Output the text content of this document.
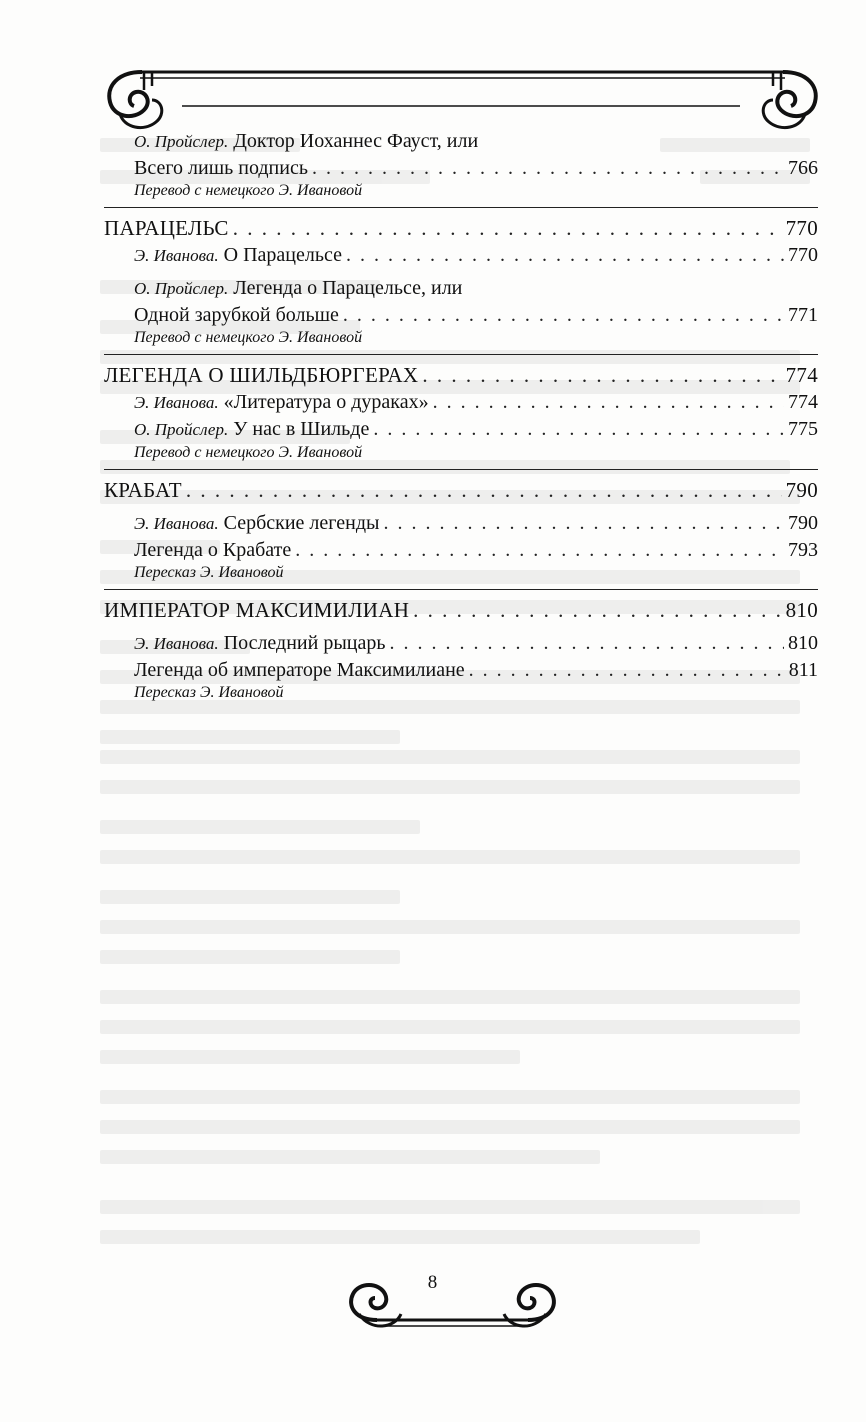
О. Пройслер. Доктор Иоханнес Фауст, или
Всего лишь подпись . . .	766
Перевод с немецкого Э. Ивановой
ПАРАЦЕЛЬС . . .	770
Э. Иванова. О Парацельсе . . .	770
О. Пройслер. Легенда о Парацельсе, или
Одной зарубкой больше . . .	771
Перевод с немецкого Э. Ивановой
ЛЕГЕНДА О ШИЛЬДБЮРГЕРАХ . . .	774
Э. Иванова. «Литература о дураках» . . .	774
О. Пройслер. У нас в Шильде . . .	775
Перевод с немецкого Э. Ивановой
КРАБАТ . . .	790
Э. Иванова. Сербские легенды . . .	790
Легенда о Крабате . . .	793
Пересказ Э. Ивановой
ИМПЕРАТОР МАКСИМИЛИАН . . .	810
Э. Иванова. Последний рыцарь . . .	810
Легенда об императоре Максимилиане . . .	811
Пересказ Э. Ивановой
8
